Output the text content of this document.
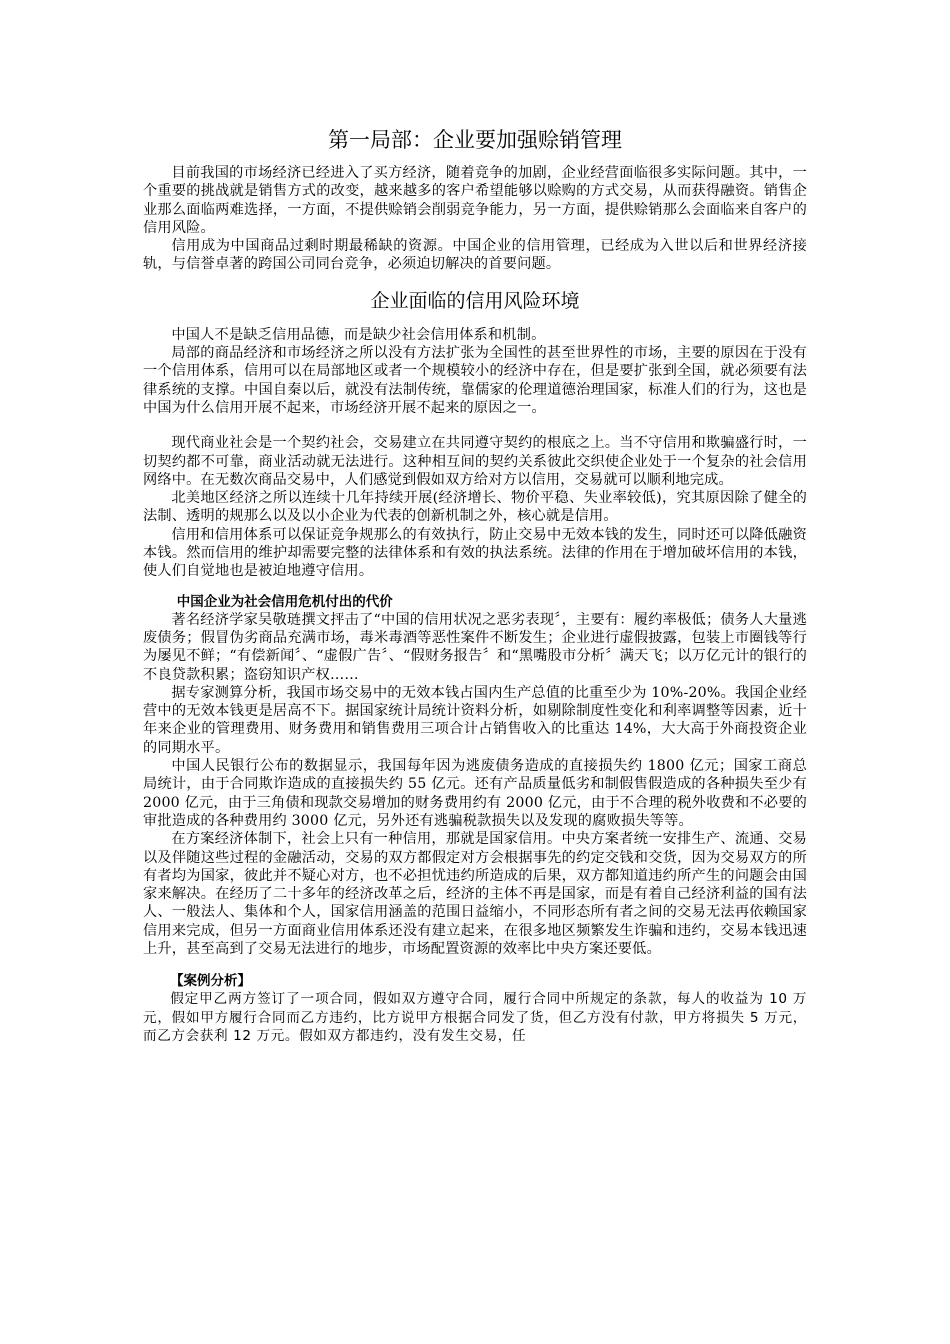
第一局部：企业要加强赊销管理

目前我国的市场经济已经进入了买方经济，随着竞争的加剧，企业经营面临很多实际问题。其中，一个重要的挑战就是销售方式的改变，越来越多的客户希望能够以赊购的方式交易，从而获得融资。销售企业那么面临两难选择，一方面，不提供赊销会削弱竞争能力，另一方面，提供赊销那么会面临来自客户的信用风险。

信用成为中国商品过剩时期最稀缺的资源。中国企业的信用管理，已经成为入世以后和世界经济接轨，与信誉卓著的跨国公司同台竞争，必须迫切解决的首要问题。

企业面临的信用风险环境

中国人不是缺乏信用品德，而是缺少社会信用体系和机制。

局部的商品经济和市场经济之所以没有方法扩张为全国性的甚至世界性的市场，主要的原因在于没有一个信用体系，信用可以在局部地区或者一个规模较小的经济中存在，但是要扩张到全国，就必须要有法律系统的支撑。中国自秦以后，就没有法制传统，靠儒家的伦理道德治理国家，标准人们的行为，这也是中国为什么信用开展不起来，市场经济开展不起来的原因之一。

现代商业社会是一个契约社会，交易建立在共同遵守契约的根底之上。当不守信用和欺骗盛行时，一切契约都不可靠，商业活动就无法进行。这种相互间的契约关系彼此交织使企业处于一个复杂的社会信用网络中。在无数次商品交易中，人们感觉到假如双方给对方以信用，交易就可以顺利地完成。

北美地区经济之所以连续十几年持续开展(经济增长、物价平稳、失业率较低)，究其原因除了健全的法制、透明的规那么以及以小企业为代表的创新机制之外，核心就是信用。

信用和信用体系可以保证竞争规那么的有效执行，防止交易中无效本钱的发生，同时还可以降低融资本钱。然而信用的维护却需要完整的法律体系和有效的执法系统。法律的作用在于增加破坏信用的本钱，使人们自觉地也是被迫地遵守信用。

中国企业为社会信用危机付出的代价

著名经济学家吴敬琏撰文抨击了“中国的信用状况之恶劣表现〞，主要有：履约率极低；债务人大量逃废债务；假冒伪劣商品充满市场，毒米毒酒等恶性案件不断发生；企业进行虚假披露，包装上市圈钱等行为屡见不鲜；“有偿新闻〞、“虚假广告〞、“假财务报告〞和“黑嘴股市分析〞满天飞；以万亿元计的银行的不良贷款积累；盗窃知识产权……

据专家测算分析，我国市场交易中的无效本钱占国内生产总值的比重至少为 10%-20%。我国企业经营中的无效本钱更是居高不下。据国家统计局统计资料分析，如剔除制度性变化和利率调整等因素，近十年来企业的管理费用、财务费用和销售费用三项合计占销售收入的比重达 14%，大大高于外商投资企业的同期水平。

中国人民银行公布的数据显示，我国每年因为逃废债务造成的直接损失约 1800 亿元；国家工商总局统计，由于合同欺诈造成的直接损失约 55 亿元。还有产品质量低劣和制假售假造成的各种损失至少有 2000 亿元，由于三角债和现款交易增加的财务费用约有 2000 亿元，由于不合理的税外收费和不必要的审批造成的各种费用约 3000 亿元，另外还有逃骗税款损失以及发现的腐败损失等等。

在方案经济体制下，社会上只有一种信用，那就是国家信用。中央方案者统一安排生产、流通、交易以及伴随这些过程的金融活动，交易的双方都假定对方会根据事先的约定交钱和交货，因为交易双方的所有者均为国家，彼此并不疑心对方，也不必担忧违约所造成的后果，双方都知道违约所产生的问题会由国家来解决。在经历了二十多年的经济改革之后，经济的主体不再是国家，而是有着自己经济利益的国有法人、一般法人、集体和个人，国家信用涵盖的范围日益缩小，不同形态所有者之间的交易无法再依赖国家信用来完成，但另一方面商业信用体系还没有建立起来，在很多地区频繁发生诈骗和违约，交易本钱迅速上升，甚至高到了交易无法进行的地步，市场配置资源的效率比中央方案还要低。

【案例分析】

假定甲乙两方签订了一项合同，假如双方遵守合同，履行合同中所规定的条款，每人的收益为 10 万元，假如甲方履行合同而乙方违约，比方说甲方根据合同发了货，但乙方没有付款，甲方将损失 5 万元，而乙方会获利 12 万元。假如双方都违约，没有发生交易，任
